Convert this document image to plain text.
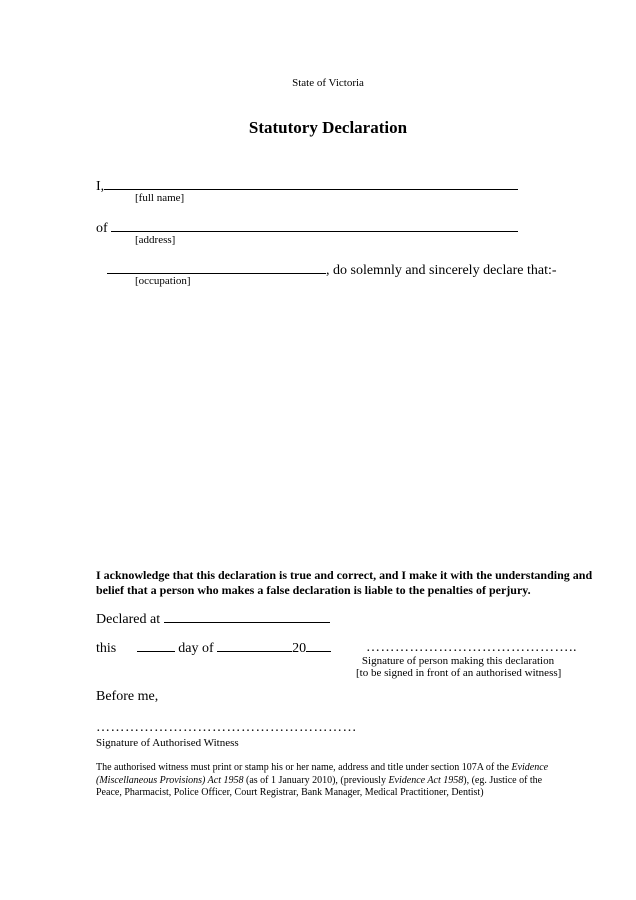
State of Victoria
Statutory Declaration
I,
[full name]
of
[address]
, do solemnly and sincerely declare that:-
[occupation]
I acknowledge that this declaration is true and correct, and I make it with the understanding and belief that a person who makes a false declaration is liable to the penalties of perjury.
Declared at
this	day of	20	……………………………………..
Signature of person making this declaration
[to be signed in front of an authorised witness]
Before me,
………………………………………………
Signature of Authorised Witness
The authorised witness must print or stamp his or her name, address and title under section 107A of the Evidence (Miscellaneous Provisions) Act 1958 (as of 1 January 2010), (previously Evidence Act 1958), (eg. Justice of the Peace, Pharmacist, Police Officer, Court Registrar, Bank Manager, Medical Practitioner, Dentist)
